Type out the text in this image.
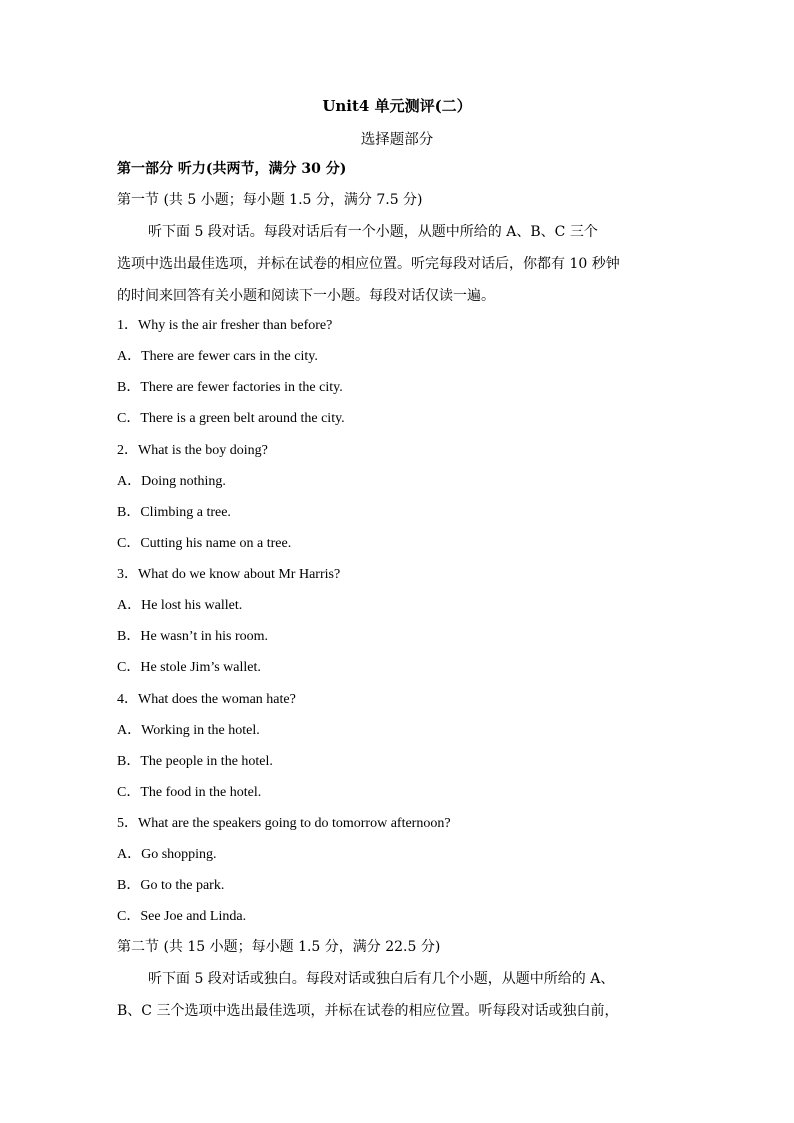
Unit4 单元测评(二）
选择题部分
第一部分 听力(共两节，满分 30 分)
第一节 (共 5 小题；每小题 1.5 分，满分 7.5 分)
听下面 5 段对话。每段对话后有一个小题，从题中所给的 A、B、C 三个
选项中选出最佳选项，并标在试卷的相应位置。听完每段对话后，你都有 10 秒钟
的时间来回答有关小题和阅读下一小题。每段对话仅读一遍。
1．Why is the air fresher than before?
A．There are fewer cars in the city.
B．There are fewer factories in the city.
C．There is a green belt around the city.
2．What is the boy doing?
A．Doing nothing.
B．Climbing a tree.
C．Cutting his name on a tree.
3．What do we know about Mr Harris?
A．He lost his wallet.
B．He wasn’t in his room.
C．He stole Jim’s wallet.
4．What does the woman hate?
A．Working in the hotel.
B．The people in the hotel.
C．The food in the hotel.
5．What are the speakers going to do tomorrow afternoon?
A．Go shopping.
B．Go to the park.
C．See Joe and Linda.
第二节 (共 15 小题；每小题 1.5 分，满分 22.5 分)
听下面 5 段对话或独白。每段对话或独白后有几个小题，从题中所给的 A、
B、C 三个选项中选出最佳选项，并标在试卷的相应位置。听每段对话或独白前，
